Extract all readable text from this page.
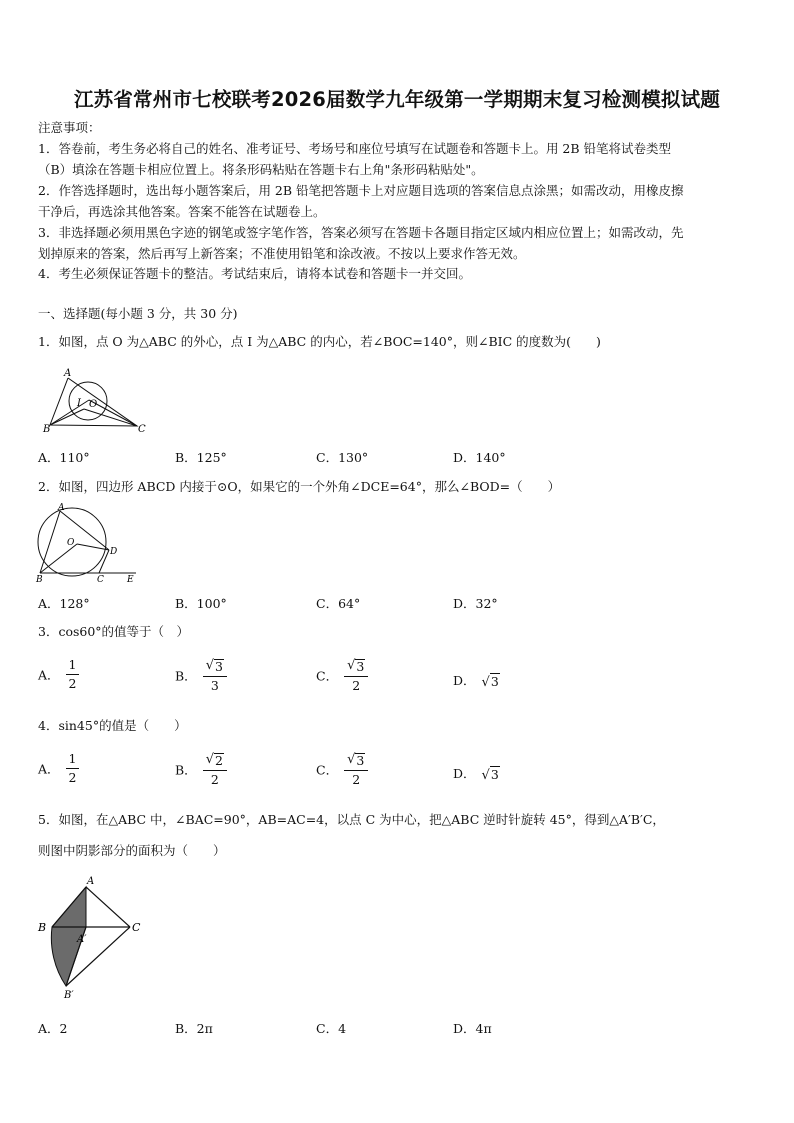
江苏省常州市七校联考2026届数学九年级第一学期期末复习检测模拟试题
注意事项：
1．答卷前，考生务必将自己的姓名、准考证号、考场号和座位号填写在试题卷和答题卡上。用 2B 铅笔将试卷类型
（B）填涂在答题卡相应位置上。将条形码粘贴在答题卡右上角"条形码粘贴处"。
2．作答选择题时，选出每小题答案后，用 2B 铅笔把答题卡上对应题目选项的答案信息点涂黑；如需改动，用橡皮擦
干净后，再选涂其他答案。答案不能答在试题卷上。
3．非选择题必须用黑色字迹的钢笔或签字笔作答，答案必须写在答题卡各题目指定区域内相应位置上；如需改动，先
划掉原来的答案，然后再写上新答案；不准使用铅笔和涂改液。不按以上要求作答无效。
4．考生必须保证答题卡的整洁。考试结束后，请将本试卷和答题卡一并交回。
一、选择题(每小题 3 分，共 30 分)
1．如图，点 O 为△ABC 的外心，点 I 为△ABC 的内心，若∠BOC=140°，则∠BIC 的度数为(　　)
A
B	C
I O
A．110°	B．125°	C．130°	D．140°
2．如图，四边形 ABCD 内接于⊙O，如果它的一个外角∠DCE=64°，那么∠BOD=（　　）
A
B	C
D
E
O
A．128°	B．100°	C．64°	D．32°
3．cos60°的值等于（　）
A． $\frac{1}{2}$	B． $\frac{√ 3}{3}$	C． $\frac{√ 3}{2}$	D． √3
4．sin45°的值是（　　）
A． $\frac{1}{2}$	B． $\frac{√ 2}{2}$	C． $\frac{√ 3}{2}$	D． √3
5．如图，在△ABC 中，∠BAC=90°，AB=AC=4，以点 C 为中心，把△ABC 逆时针旋转 45°，得到△A′B′C，
则图中阴影部分的面积为（　　）
A
B	C
A′
B′
A．2	B．2π	C．4	D．4π
